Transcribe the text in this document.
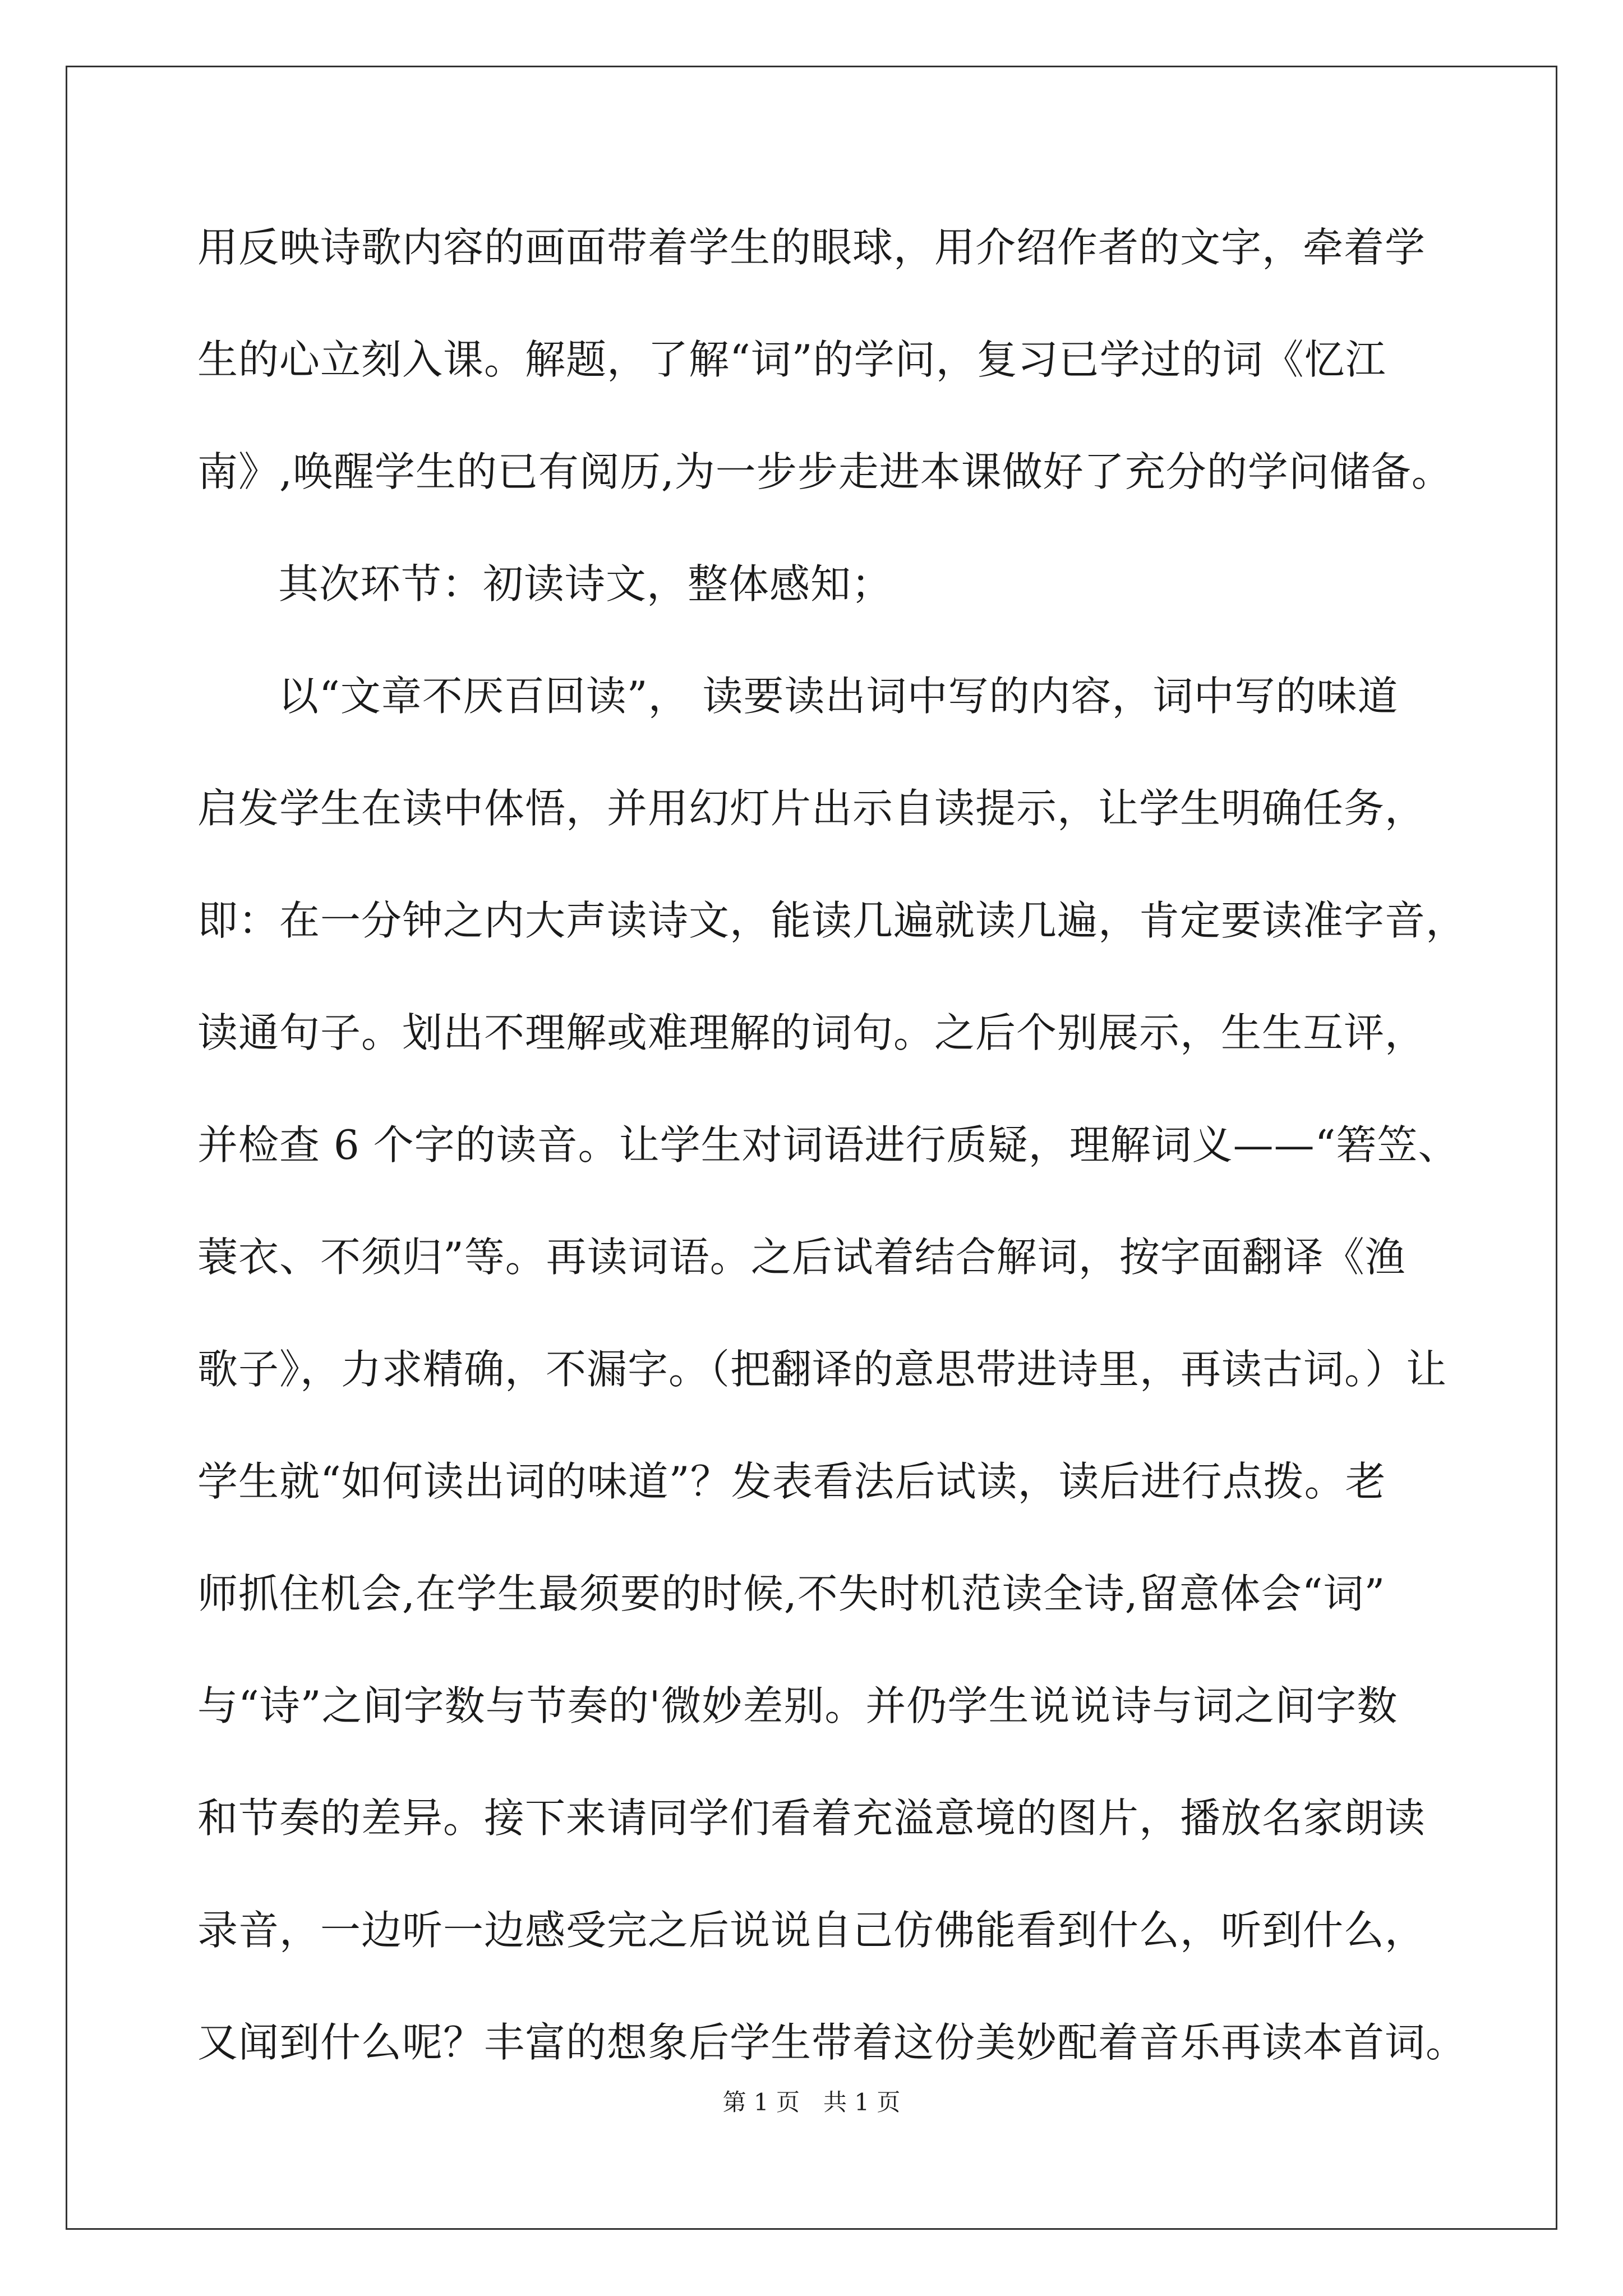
用反映诗歌内容的画面带着学生的眼球，用介绍作者的文字，牵着学
生的心立刻入课。解题，了解“词”的学问，复习已学过的词《忆江
南》,唤醒学生的已有阅历,为一步步走进本课做好了充分的学问储备。
其次环节：初读诗文，整体感知；
以“文章不厌百回读”， 读要读出词中写的内容，词中写的味道
启发学生在读中体悟，并用幻灯片出示自读提示，让学生明确任务，
即：在一分钟之内大声读诗文，能读几遍就读几遍，肯定要读准字音，
读通句子。划出不理解或难理解的词句。之后个别展示，生生互评，
并检查 6 个字的读音。让学生对词语进行质疑，理解词义——“箬笠、
蓑衣、不须归”等。再读词语。之后试着结合解词，按字面翻译《渔
歌子》，力求精确，不漏字。（把翻译的意思带进诗里，再读古词。）让
学生就“如何读出词的味道”？发表看法后试读，读后进行点拨。老
师抓住机会,在学生最须要的时候,不失时机范读全诗,留意体会“词”
与“诗”之间字数与节奏的'微妙差别。并仍学生说说诗与词之间字数
和节奏的差异。接下来请同学们看着充溢意境的图片，播放名家朗读
录音，一边听一边感受完之后说说自己仿佛能看到什么，听到什么，
又闻到什么呢？丰富的想象后学生带着这份美妙配着音乐再读本首词。
第 1 页　共 1 页
